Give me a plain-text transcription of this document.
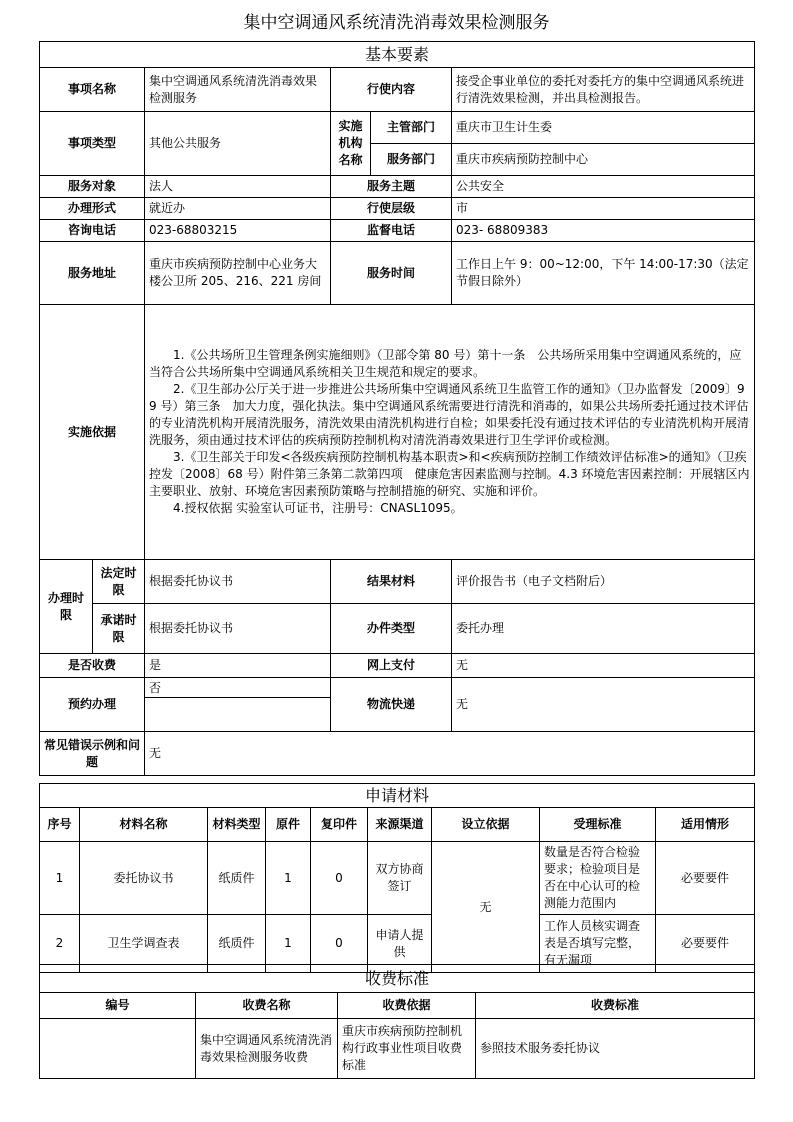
集中空调通风系统清洗消毒效果检测服务
基本要素					
事项名称		集中空调通风系统清洗消毒效果检测服务	行使内容		接受企事业单位的委托对委托方的集中空调通风系统进行清洗效果检测，并出具检测报告。
事项类型		其他公共服务	实施机构名称	主管部门	重庆市卫生计生委
				服务部门	重庆市疾病预防控制中心
服务对象		法人	服务主题		公共安全
办理形式		就近办	行使层级		市
咨询电话		023-68803215	监督电话		023- 68809383
服务地址		重庆市疾病预防控制中心业务大楼公卫所 205、216、221 房间	服务时间		工作日上午 9：00~12:00，下午 14:00-17:30（法定节假日除外）
实施依据		1.《公共场所卫生管理条例实施细则》（卫部令第 80 号）第十一条　公共场所采用集中空调通风系统的，应当符合公共场所集中空调通风系统相关卫生规范和规定的要求。

2.《卫生部办公厅关于进一步推进公共场所集中空调通风系统卫生监管工作的通知》（卫办监督发〔2009〕99 号）第三条　加大力度，强化执法。集中空调通风系统需要进行清洗和消毒的，如果公共场所委托通过技术评估的专业清洗机构开展清洗服务，清洗效果由清洗机构进行自检；如果委托没有通过技术评估的专业清洗机构开展清洗服务，须由通过技术评估的疾病预防控制机构对清洗消毒效果进行卫生学评价或检测。

3.《卫生部关于印发<各级疾病预防控制机构基本职责>和<疾病预防控制工作绩效评估标准>的通知》（卫疾控发〔2008〕68 号）附件第三条第二款第四项　健康危害因素监测与控制。4.3 环境危害因素控制：开展辖区内主要职业、放射、环境危害因素预防策略与控制措施的研究、实施和评价。

4.授权依据 实验室认可证书，注册号：CNASL1095。			

办理时限	法定时限	根据委托协议书	结果材料		评价报告书（电子文档附后）
	承诺时限	根据委托协议书	办件类型		委托办理
是否收费		是	网上支付		无
预约办理		否	物流快递		无
常见错误示例和问题		无			
申请材料								
序号	材料名称	材料类型	原件	复印件	来源渠道	设立依据	受理标准	适用情形
1	委托协议书	纸质件	1	0	双方协商签订	无	数量是否符合检验要求；检验项目是否在中心认可的检测能力范围内	必要要件
2	卫生学调查表	纸质件	1	0	申请人提供		工作人员核实调查表是否填写完整，有无漏项	必要要件
收费标准			
编号	收费名称	收费依据	收费标准
	集中空调通风系统清洗消毒效果检测服务收费	重庆市疾病预防控制机构行政事业性项目收费标准	参照技术服务委托协议
